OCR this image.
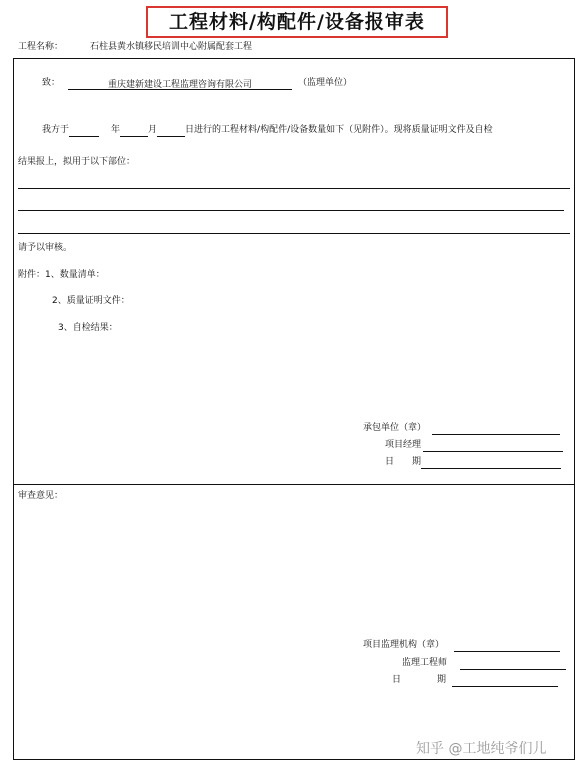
工程材料/构配件/设备报审表
工程名称：	石柱县黄水镇移民培训中心附属配套工程
致：	重庆建新建设工程监理咨询有限公司	（监理单位）
我方于	年	月	日进行的工程材料/构配件/设备数量如下（见附件）。现将质量证明文件及自检
结果报上，拟用于以下部位：
请予以审核。
附件：1、数量清单：
2、质量证明文件：
3、自检结果：
承包单位（章）
项目经理
日　　期
审查意见：
项目监理机构（章）
监理工程师
日　　　　期
知乎 @工地纯爷们儿
